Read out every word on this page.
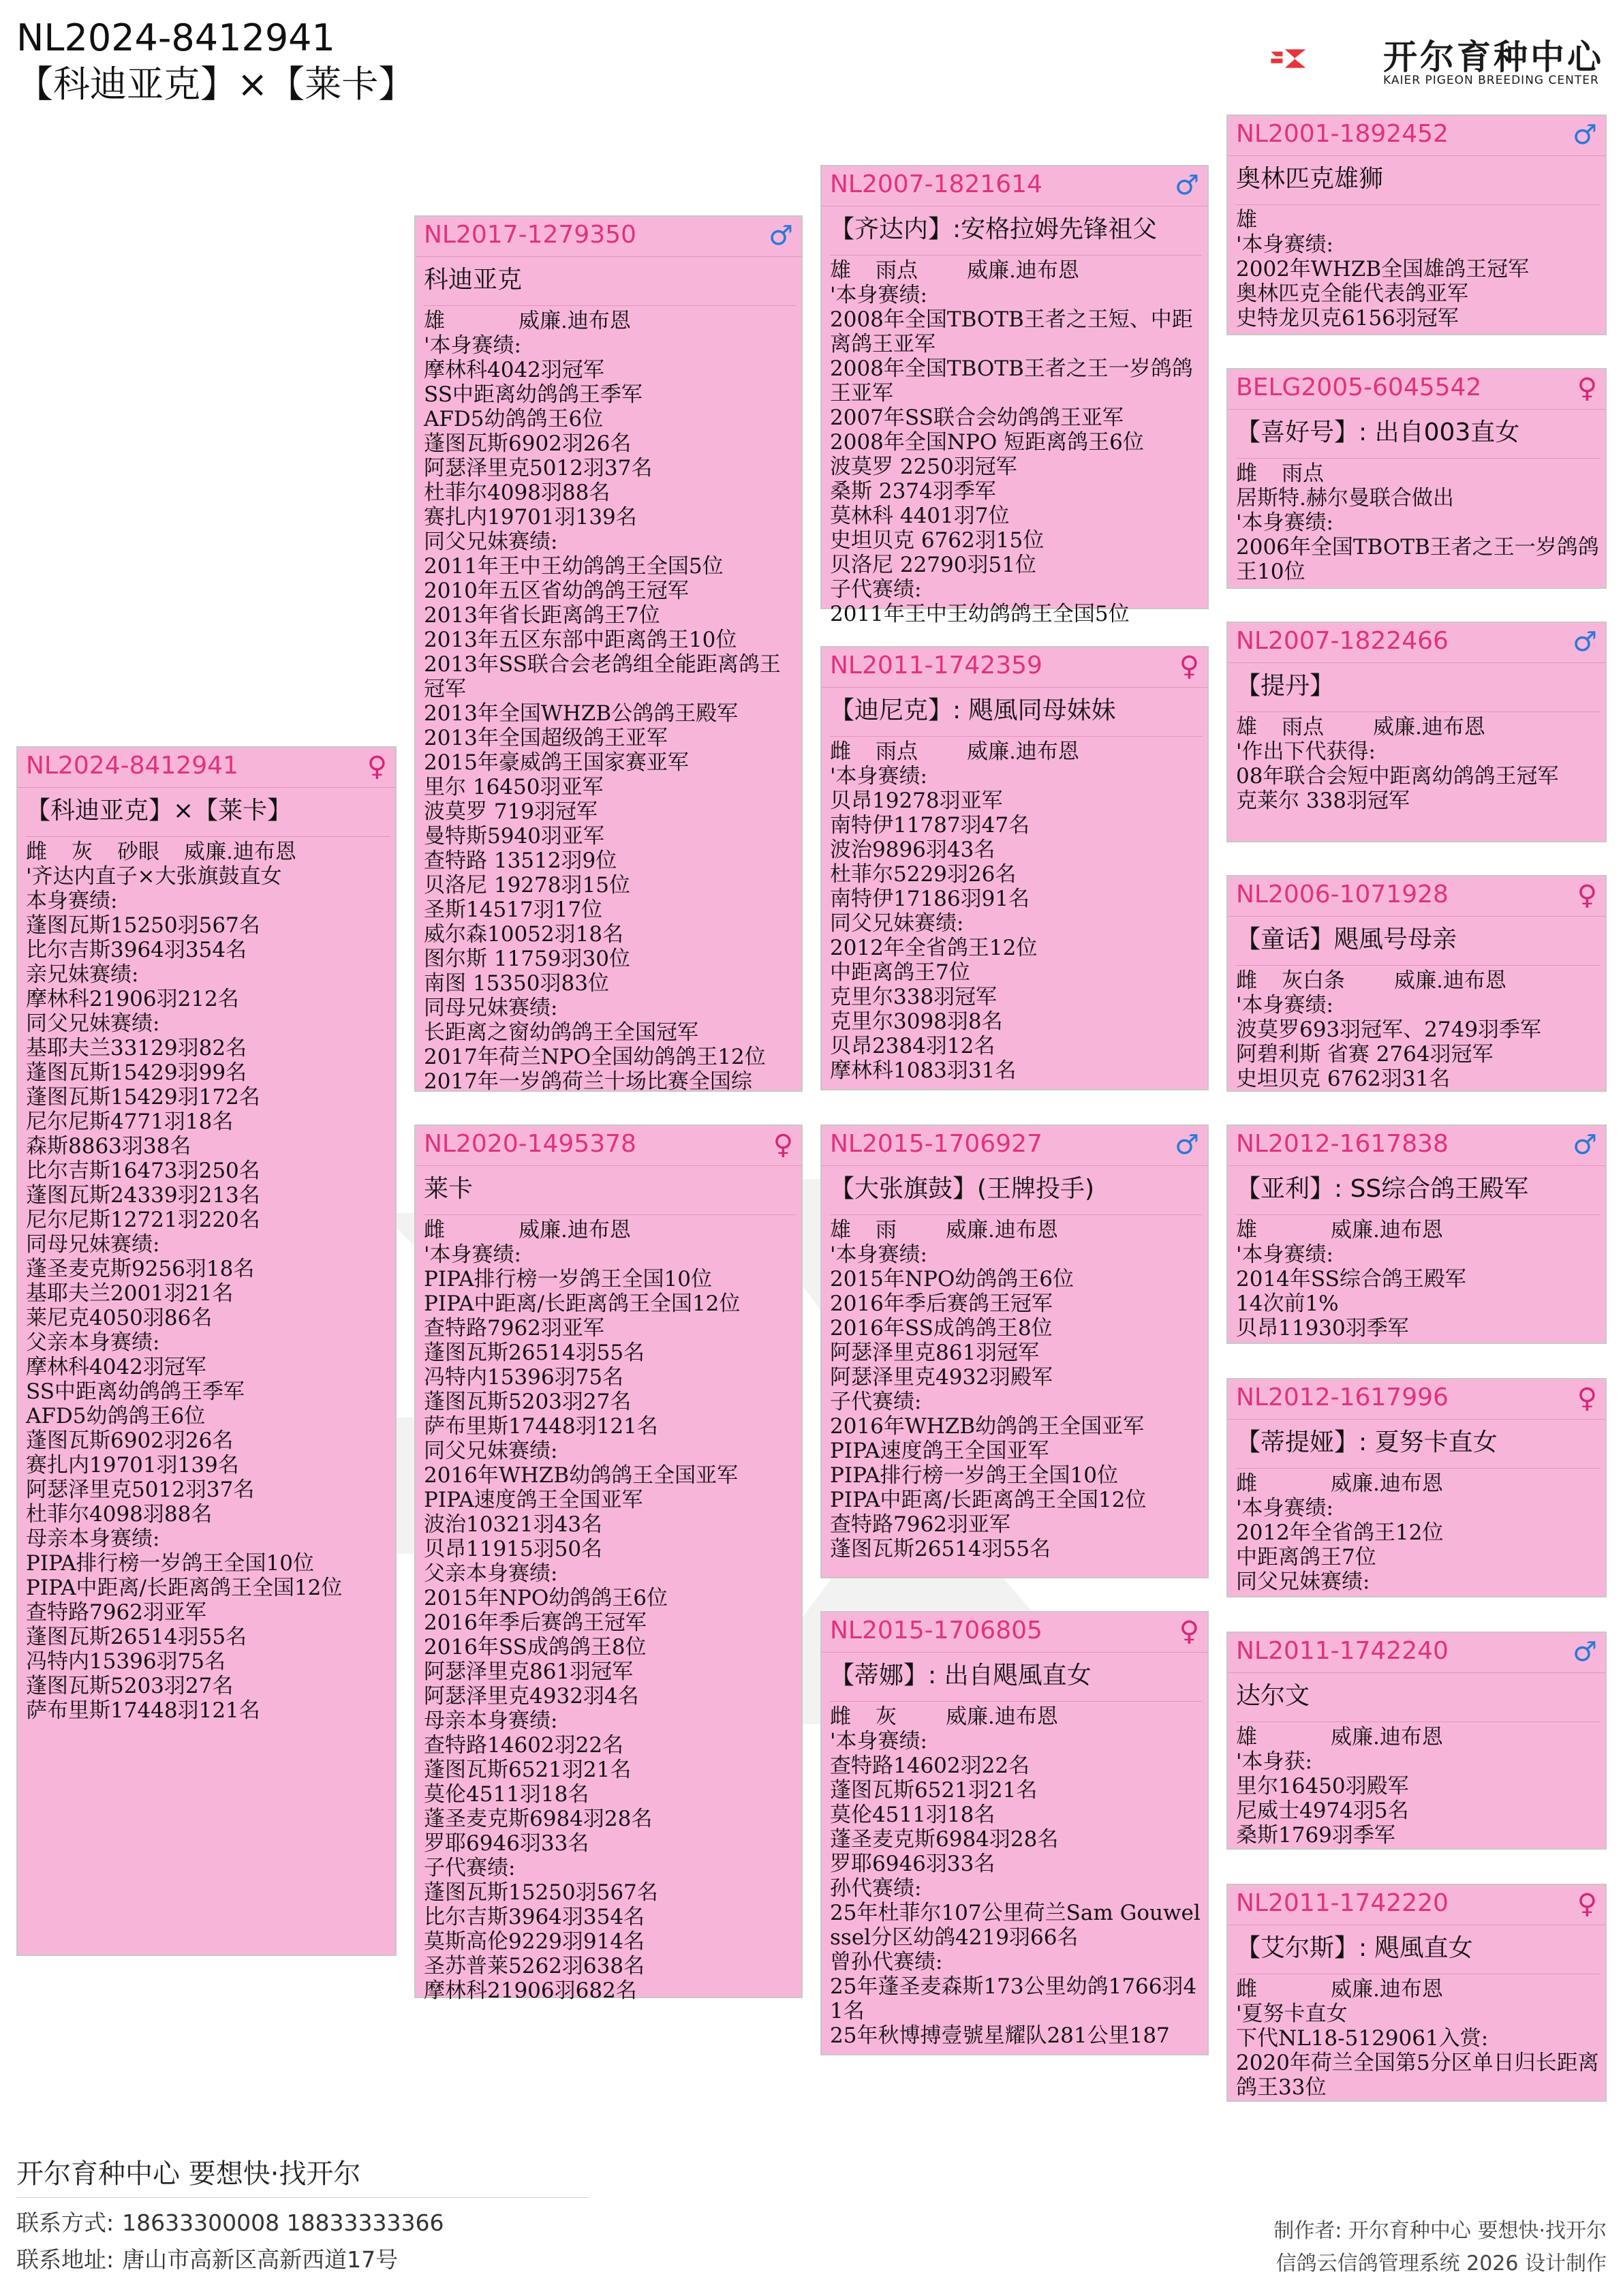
NL2024-8412941
【科迪亚克】×【莱卡】
开尔育种中心
KAIER PIGEON BREEDING CENTER
NL2024-8412941	♀
【科迪亚克】×【莱卡】
雌 灰 砂眼 威廉.迪布恩
'齐达内直子×大张旗鼓直女
本身赛绩:
蓬图瓦斯15250羽567名
比尔吉斯3964羽354名
亲兄妹赛绩:
摩林科21906羽212名
同父兄妹赛绩:
基耶夫兰33129羽82名
蓬图瓦斯15429羽99名
蓬图瓦斯15429羽172名
尼尔尼斯4771羽18名
森斯8863羽38名
比尔吉斯16473羽250名
蓬图瓦斯24339羽213名
尼尔尼斯12721羽220名
同母兄妹赛绩:
蓬圣麦克斯9256羽18名
基耶夫兰2001羽21名
莱尼克4050羽86名
父亲本身赛绩:
摩林科4042羽冠军
SS中距离幼鸽鸽王季军
AFD5幼鸽鸽王6位
蓬图瓦斯6902羽26名
赛扎内19701羽139名
阿瑟泽里克5012羽37名
杜菲尔4098羽88名
母亲本身赛绩:
PIPA排行榜一岁鸽王全国10位
PIPA中距离/长距离鸽王全国12位
查特路7962羽亚军
蓬图瓦斯26514羽55名
冯特内15396羽75名
蓬图瓦斯5203羽27名
萨布里斯17448羽121名
NL2017-1279350	♂
科迪亚克
雄	威廉.迪布恩
'本身赛绩:
摩林科4042羽冠军
SS中距离幼鸽鸽王季军
AFD5幼鸽鸽王6位
蓬图瓦斯6902羽26名
阿瑟泽里克5012羽37名
杜菲尔4098羽88名
赛扎内19701羽139名
同父兄妹赛绩:
2011年王中王幼鸽鸽王全国5位
2010年五区省幼鸽鸽王冠军
2013年省长距离鸽王7位
2013年五区东部中距离鸽王10位
2013年SS联合会老鸽组全能距离鸽王冠军
2013年全国WHZB公鸽鸽王殿军
2013年全国超级鸽王亚军
2015年豪威鸽王国家赛亚军
里尔 16450羽亚军
波莫罗 719羽冠军
曼特斯5940羽亚军
查特路 13512羽9位
贝洛尼 19278羽15位
圣斯14517羽17位
威尔森10052羽18名
图尔斯 11759羽30位
南图 15350羽83位
同母兄妹赛绩:
长距离之窗幼鸽鸽王全国冠军
2017年荷兰NPO全国幼鸽鸽王12位
2017年一岁鸽荷兰十场比赛全国综
NL2020-1495378	♀
莱卡
雌	威廉.迪布恩
'本身赛绩:
PIPA排行榜一岁鸽王全国10位
PIPA中距离/长距离鸽王全国12位
查特路7962羽亚军
蓬图瓦斯26514羽55名
冯特内15396羽75名
蓬图瓦斯5203羽27名
萨布里斯17448羽121名
同父兄妹赛绩:
2016年WHZB幼鸽鸽王全国亚军
PIPA速度鸽王全国亚军
波治10321羽43名
贝昂11915羽50名
父亲本身赛绩:
2015年NPO幼鸽鸽王6位
2016年季后赛鸽王冠军
2016年SS成鸽鸽王8位
阿瑟泽里克861羽冠军
阿瑟泽里克4932羽4名
母亲本身赛绩:
查特路14602羽22名
蓬图瓦斯6521羽21名
莫伦4511羽18名
蓬圣麦克斯6984羽28名
罗耶6946羽33名
子代赛绩:
蓬图瓦斯15250羽567名
比尔吉斯3964羽354名
莫斯高伦9229羽914名
圣苏普莱5262羽638名
摩林科21906羽682名
NL2007-1821614	♂
【齐达内】:安格拉姆先锋祖父
雄 雨点 威廉.迪布恩
'本身赛绩:
2008年全国TBOTB王者之王短、中距离鸽王亚军
2008年全国TBOTB王者之王一岁鸽鸽王亚军
2007年SS联合会幼鸽鸽王亚军
2008年全国NPO 短距离鸽王6位
波莫罗 2250羽冠军
桑斯 2374羽季军
莫林科 4401羽7位
史坦贝克 6762羽15位
贝洛尼 22790羽51位
子代赛绩:
2011年王中王幼鸽鸽王全国5位
NL2011-1742359	♀
【迪尼克】: 飓風同母妹妹
雌 雨点 威廉.迪布恩
'本身赛绩:
贝昂19278羽亚军
南特伊11787羽47名
波治9896羽43名
杜菲尔5229羽26名
南特伊17186羽91名
同父兄妹赛绩:
2012年全省鸽王12位
中距离鸽王7位
克里尔338羽冠军
克里尔3098羽8名
贝昂2384羽12名
摩林科1083羽31名
NL2015-1706927	♂
【大张旗鼓】(王牌投手)
雄 雨 威廉.迪布恩
'本身赛绩:
2015年NPO幼鸽鸽王6位
2016年季后赛鸽王冠军
2016年SS成鸽鸽王8位
阿瑟泽里克861羽冠军
阿瑟泽里克4932羽殿军
子代赛绩:
2016年WHZB幼鸽鸽王全国亚军
PIPA速度鸽王全国亚军
PIPA排行榜一岁鸽王全国10位
PIPA中距离/长距离鸽王全国12位
查特路7962羽亚军
蓬图瓦斯26514羽55名
NL2015-1706805	♀
【蒂娜】: 出自飓風直女
雌 灰 威廉.迪布恩
'本身赛绩:
查特路14602羽22名
蓬图瓦斯6521羽21名
莫伦4511羽18名
蓬圣麦克斯6984羽28名
罗耶6946羽33名
孙代赛绩:
25年杜菲尔107公里荷兰Sam Gouwelssel分区幼鸽4219羽66名
曾孙代赛绩:
25年蓬圣麦森斯173公里幼鸽1766羽41名
25年秋博搏壹號星耀队281公里187
NL2001-1892452	♂
奥林匹克雄狮
雄
'本身赛绩:
2002年WHZB全国雄鸽王冠军
奥林匹克全能代表鸽亚军
史特龙贝克6156羽冠军
BELG2005-6045542	♀
【喜好号】: 出自003直女
雌 雨点
居斯特.赫尔曼联合做出
'本身赛绩:
2006年全国TBOTB王者之王一岁鸽鸽王10位
NL2007-1822466	♂
【提丹】
雄 雨点 威廉.迪布恩
'作出下代获得:
08年联合会短中距离幼鸽鸽王冠军
克莱尔 338羽冠军
NL2006-1071928	♀
【童话】飓風号母亲
雌 灰白条 威廉.迪布恩
'本身赛绩:
波莫罗693羽冠军、2749羽季军
阿碧利斯 省赛 2764羽冠军
史坦贝克 6762羽31名
NL2012-1617838	♂
【亚利】: SS综合鸽王殿军
雄	威廉.迪布恩
'本身赛绩:
2014年SS综合鸽王殿军
14次前1%
贝昂11930羽季军
NL2012-1617996	♀
【蒂提娅】: 夏努卡直女
雌	威廉.迪布恩
'本身赛绩:
2012年全省鸽王12位
中距离鸽王7位
同父兄妹赛绩:
NL2011-1742240	♂
达尔文
雄	威廉.迪布恩
'本身获:
里尔16450羽殿军
尼威士4974羽5名
桑斯1769羽季军
NL2011-1742220	♀
【艾尔斯】: 飓風直女
雌	威廉.迪布恩
'夏努卡直女
下代NL18-5129061入赏:
2020年荷兰全国第5分区单日归长距离鸽王33位
开尔育种中心 要想快·找开尔
联系方式: 18633300008 18833333366
联系地址: 唐山市高新区高新西道17号
制作者: 开尔育种中心 要想快·找开尔
信鸽云信鸽管理系统 2026 设计制作
